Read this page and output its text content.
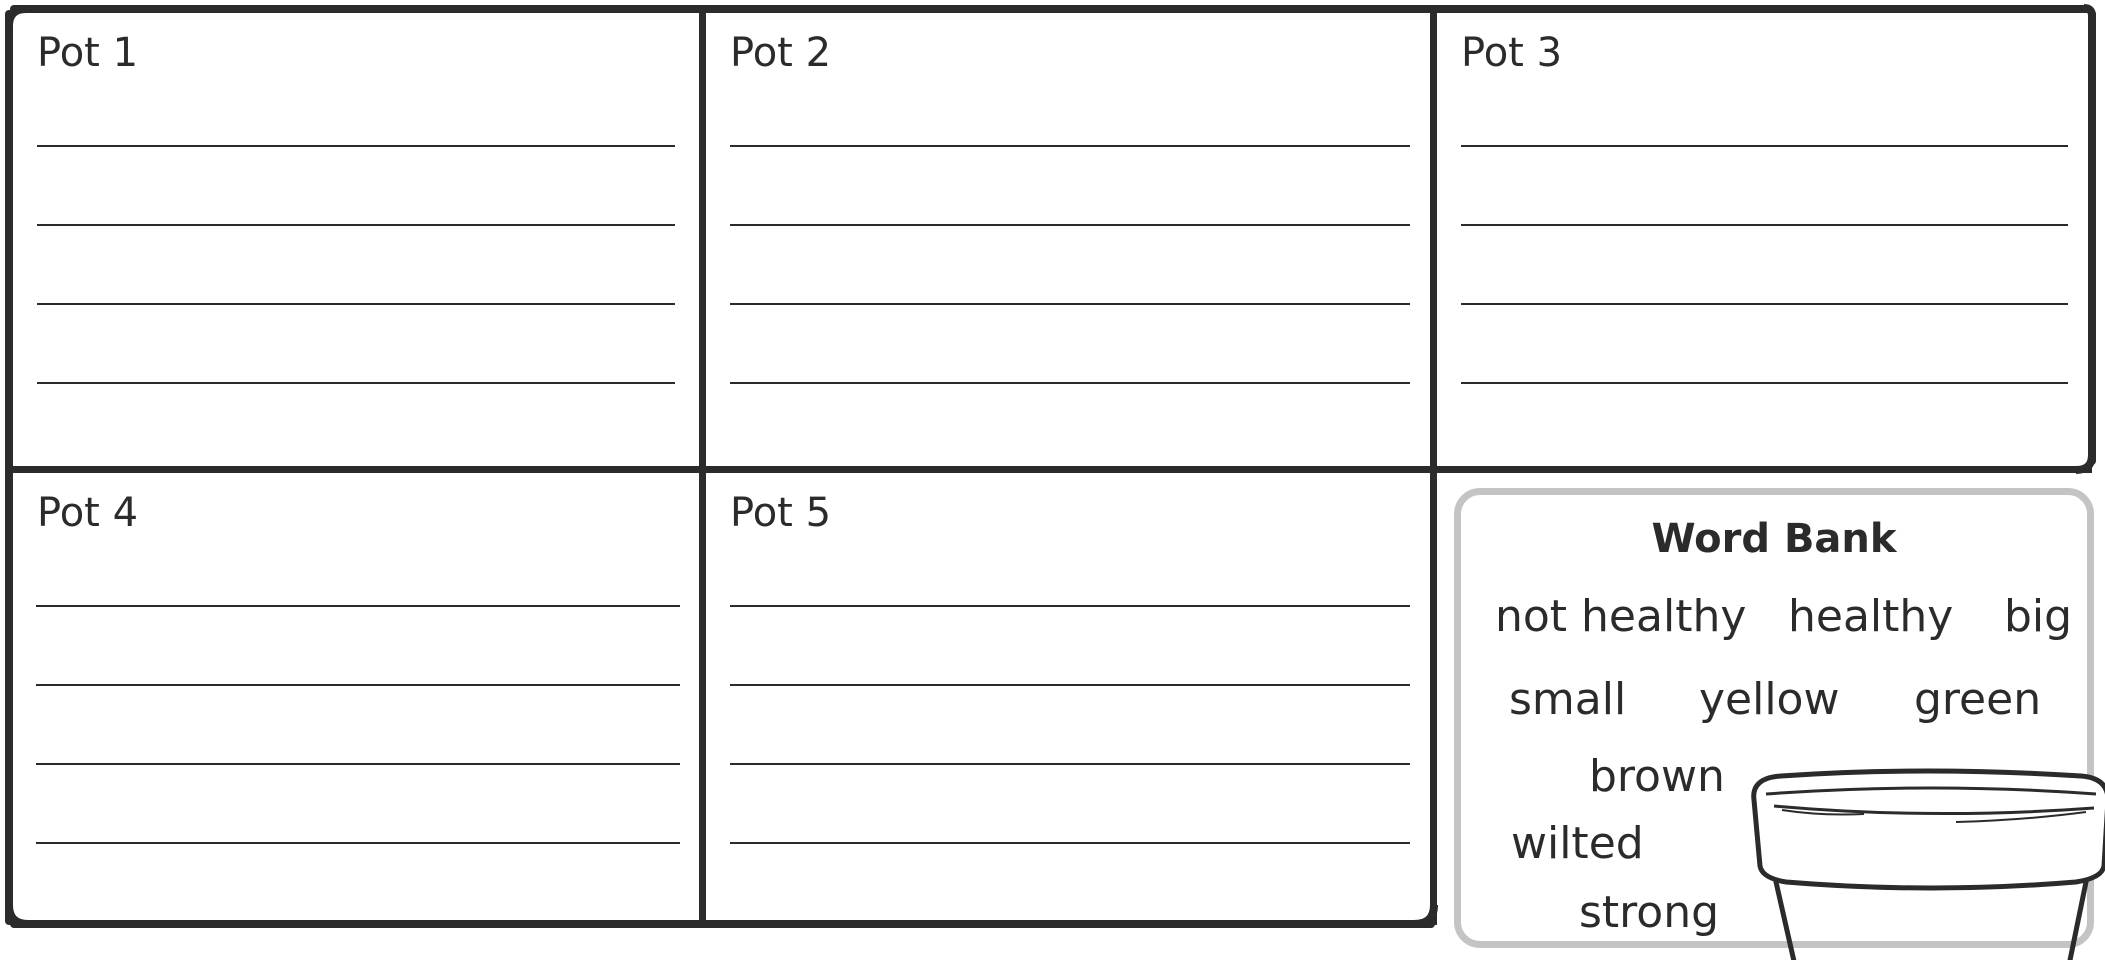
Pot 1	Pot 2	Pot 3
Pot 4	Pot 5
Word Bank
not healthy healthy big
small yellow green
brown
wilted
strong
